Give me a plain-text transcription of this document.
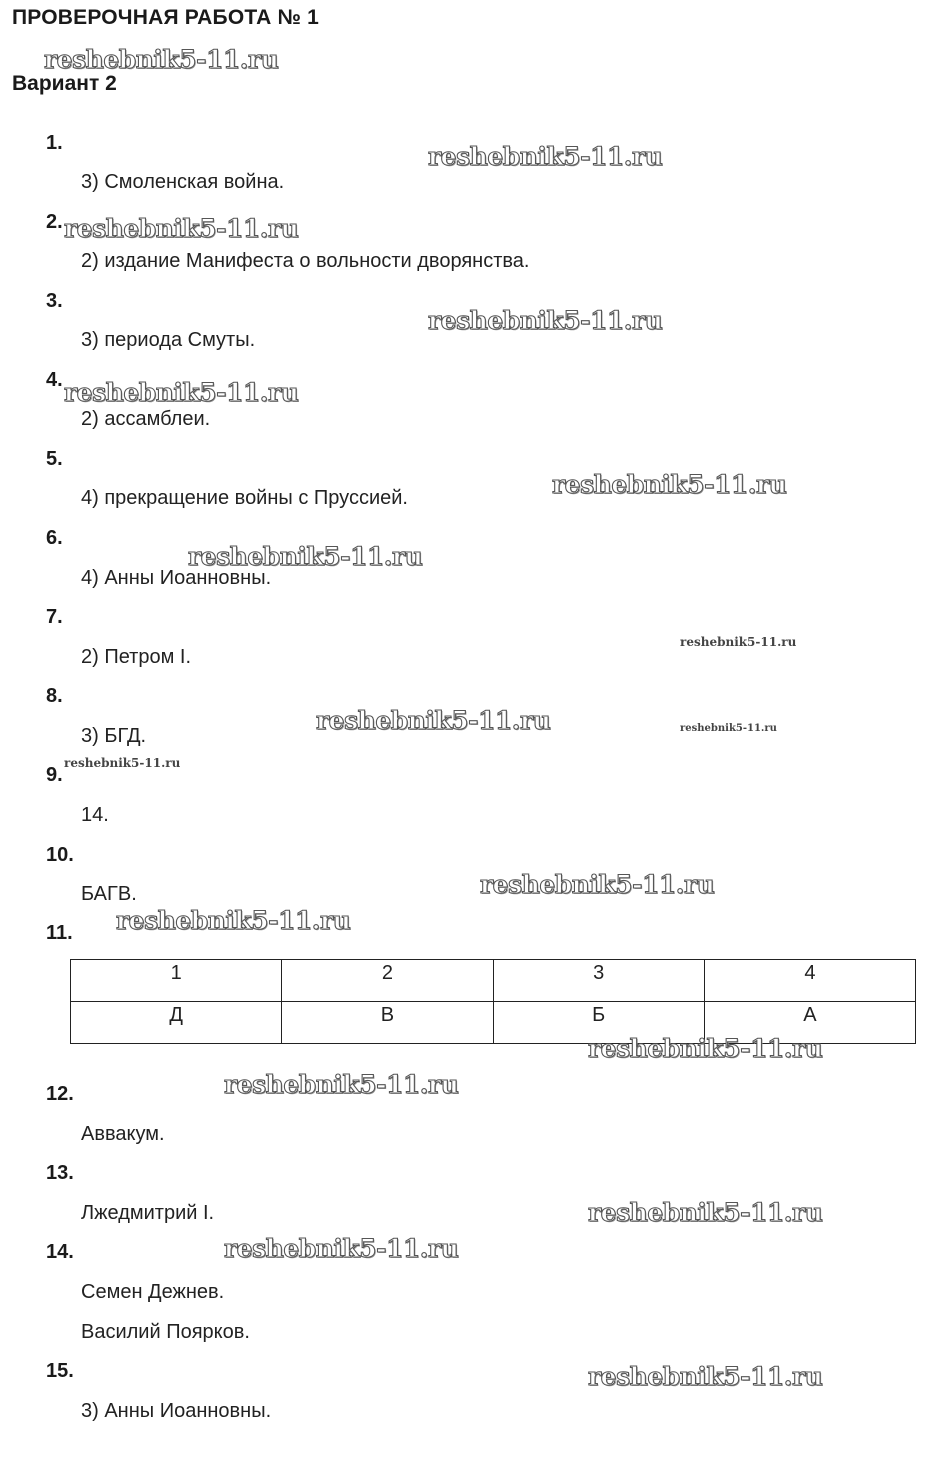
ПРОВЕРОЧНАЯ РАБОТА № 1
Вариант 2
1.
2.
3.
4.
5.
6.
7.
8.
9.
10.
11.
12.
13.
14.
15.
3) Смоленская война.
2) издание Манифеста о вольности дворянства.
3) периода Смуты.
2) ассамблеи.
4) прекращение войны с Пруссией.
4) Анны Иоанновны.
2) Петром I.
3) БГД.
14.
БАГВ.
Аввакум.
Лжедмитрий I.
Семен Дежнев.
Василий Поярков.
3) Анны Иоанновны.
1	2	3	4
Д	В	Б	А
reshebnik5-11.ru
reshebnik5-11.ru
reshebnik5-11.ru
reshebnik5-11.ru
reshebnik5-11.ru
reshebnik5-11.ru
reshebnik5-11.ru
reshebnik5-11.ru
reshebnik5-11.ru	reshebnik5-11.ru
reshebnik5-11.ru
reshebnik5-11.ru
reshebnik5-11.ru
reshebnik5-11.ru
reshebnik5-11.ru
reshebnik5-11.ru
reshebnik5-11.ru
reshebnik5-11.ru
